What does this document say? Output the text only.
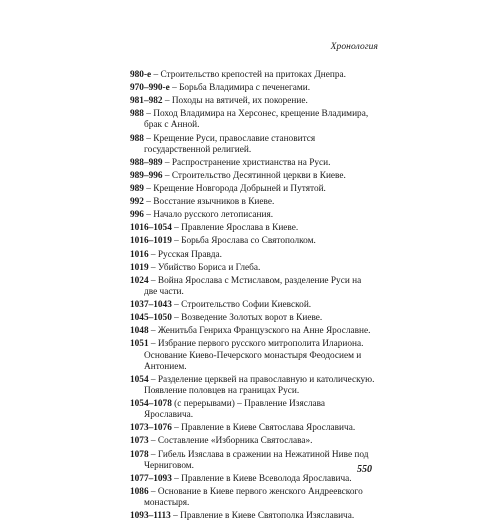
Хронология
980-е – Строительство крепостей на притоках Днепра.
970–990-е – Борьба Владимира с печенегами.
981–982 – Походы на вятичей, их покорение.
988 – Поход Владимира на Херсонес, крещение Владимира, брак с Анной.
988 – Крещение Руси, православие становится государственной религией.
988–989 – Распространение христианства на Руси.
989–996 – Строительство Десятинной церкви в Киеве.
989 – Крещение Новгорода Добрыней и Путятой.
992 – Восстание язычников в Киеве.
996 – Начало русского летописания.
1016–1054 – Правление Ярослава в Киеве.
1016–1019 – Борьба Ярослава со Святополком.
1016 – Русская Правда.
1019 – Убийство Бориса и Глеба.
1024 – Война Ярослава с Мстиславом, разделение Руси на две части.
1037–1043 – Строительство Софии Киевской.
1045–1050 – Возведение Золотых ворот в Киеве.
1048 – Женитьба Генриха Французского на Анне Ярославне.
1051 – Избрание первого русского митрополита Илариона. Основание Киево-Печерского монастыря Феодосием и Антонием.
1054 – Разделение церквей на православную и католическую. Появление половцев на границах Руси.
1054–1078 (с перерывами) – Правление Изяслава Ярославича.
1073–1076 – Правление в Киеве Святослава Ярославича.
1073 – Составление «Изборника Святослава».
1078 – Гибель Изяслава в сражении на Нежатиной Ниве под Черниговом.
1077–1093 – Правление в Киеве Всеволода Ярославича.
1086 – Основание в Киеве первого женского Андреевского монастыря.
1093–1113 – Правление в Киеве Святополка Изяславича.
550
